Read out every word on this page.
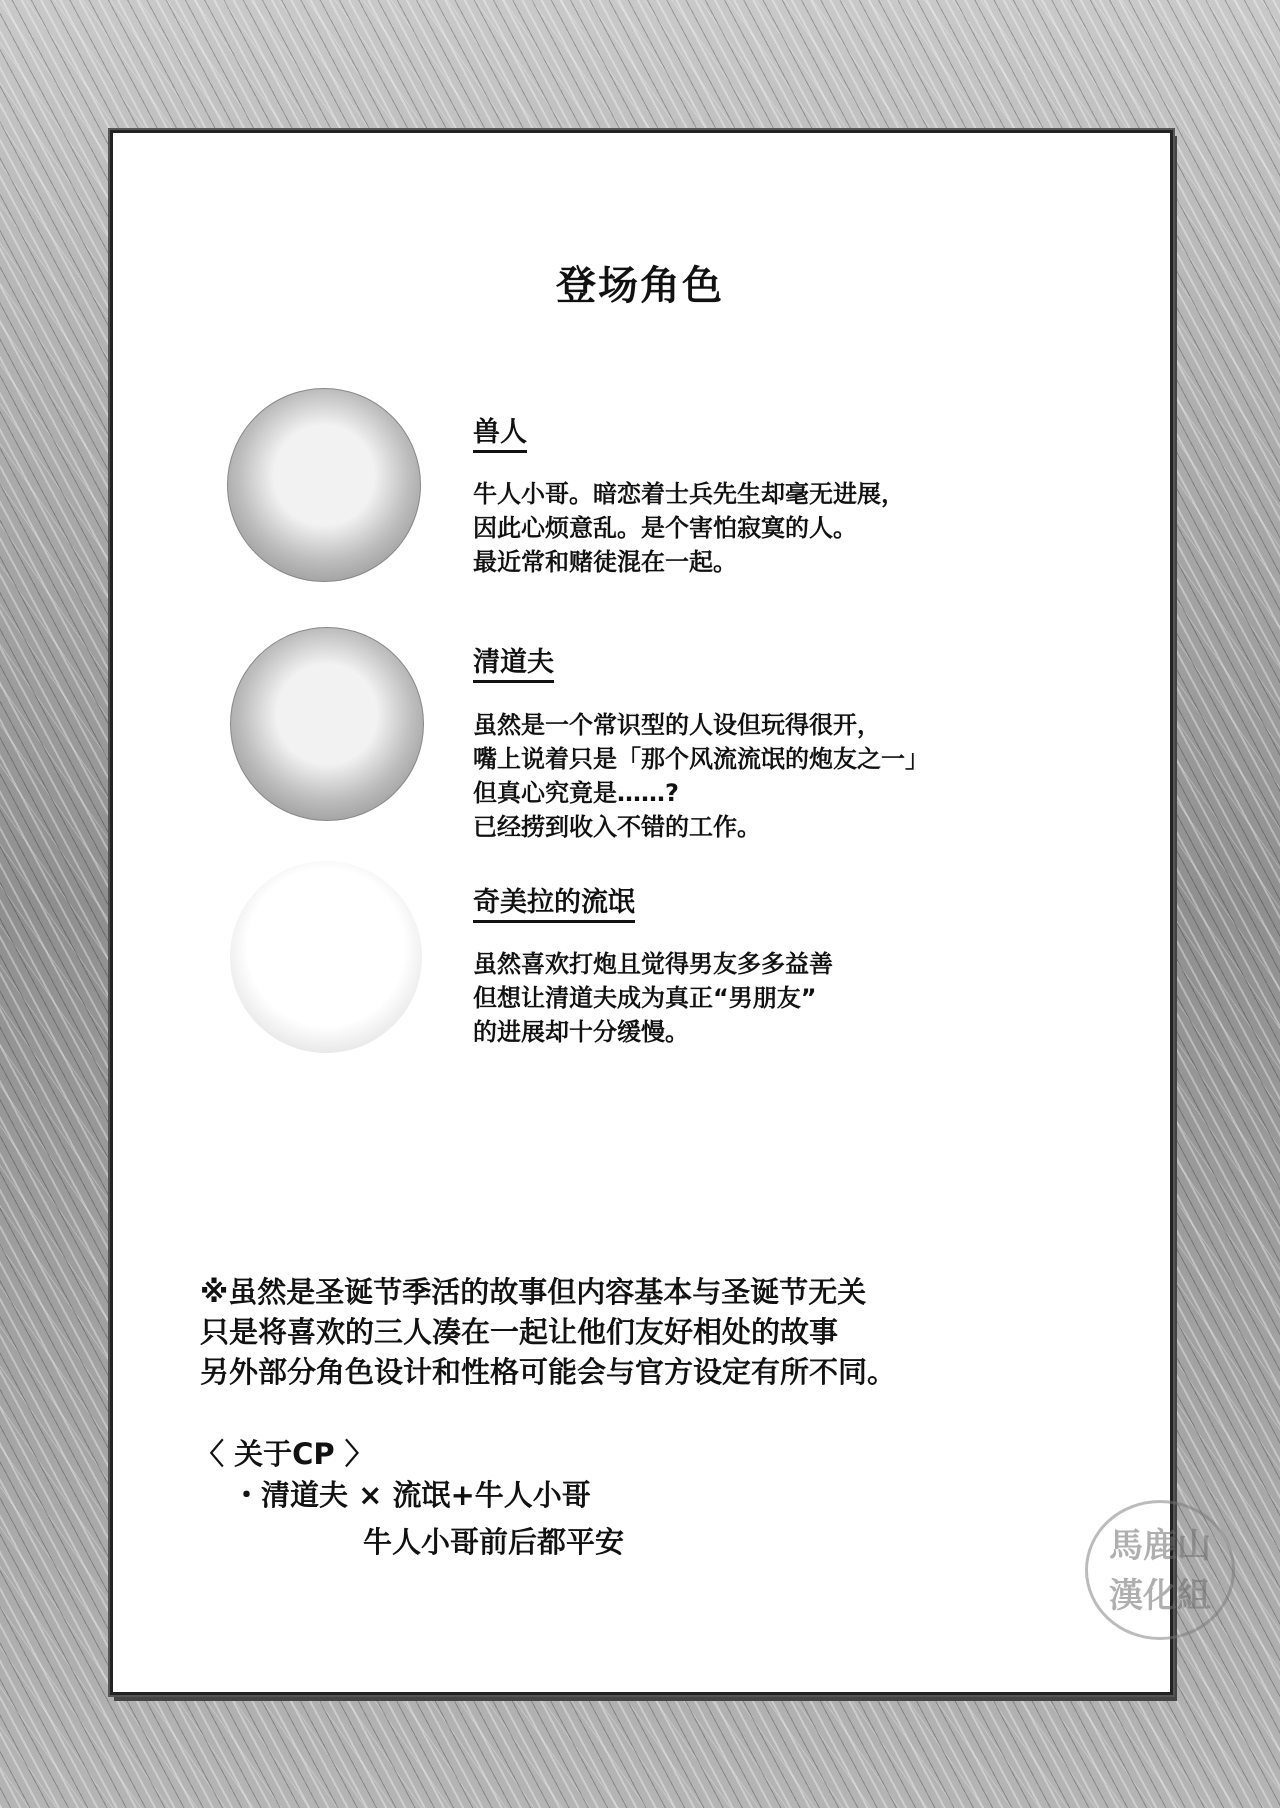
登场角色
兽人
牛人小哥。暗恋着士兵先生却毫无进展，
因此心烦意乱。是个害怕寂寞的人。
最近常和赌徒混在一起。
清道夫
虽然是一个常识型的人设但玩得很开，
嘴上说着只是「那个风流流氓的炮友之一」
但真心究竟是……?
已经捞到收入不错的工作。
奇美拉的流氓
虽然喜欢打炮且觉得男友多多益善
但想让清道夫成为真正“男朋友”
的进展却十分缓慢。
※虽然是圣诞节季活的故事但内容基本与圣诞节无关
只是将喜欢的三人凑在一起让他们友好相处的故事
另外部分角色设计和性格可能会与官方设定有所不同。
〈 关于CP 〉
・清道夫 × 流氓+牛人小哥
牛人小哥前后都平安	馬鹿山
漢化組
